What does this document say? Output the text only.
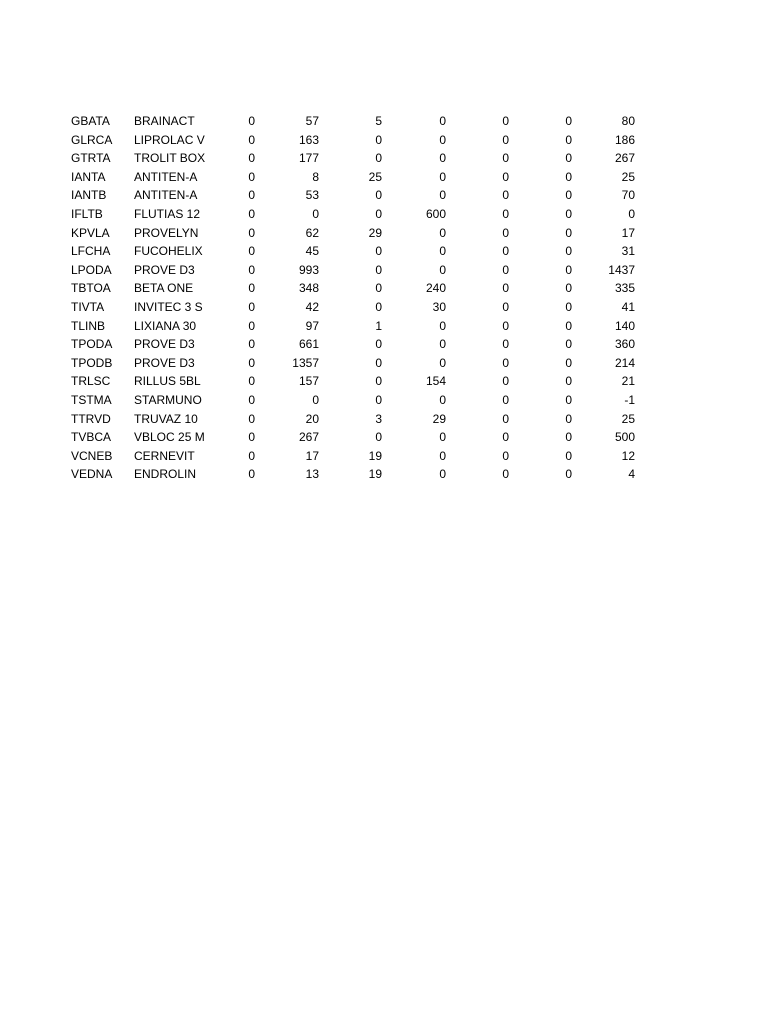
GBATA	BRAINACT	0	57	5	0	0	0	80
GLRCA	LIPROLAC V	0	163	0	0	0	0	186
GTRTA	TROLIT BOX	0	177	0	0	0	0	267
IANTA	ANTITEN-A	0	8	25	0	0	0	25
IANTB	ANTITEN-A	0	53	0	0	0	0	70
IFLTB	FLUTIAS 12	0	0	0	600	0	0	0
KPVLA	PROVELYN	0	62	29	0	0	0	17
LFCHA	FUCOHELIX	0	45	0	0	0	0	31
LPODA	PROVE D3	0	993	0	0	0	0	1437
TBTOA	BETA ONE	0	348	0	240	0	0	335
TIVTA	INVITEC 3 S	0	42	0	30	0	0	41
TLINB	LIXIANA 30	0	97	1	0	0	0	140
TPODA	PROVE D3	0	661	0	0	0	0	360
TPODB	PROVE D3	0	1357	0	0	0	0	214
TRLSC	RILLUS 5BL	0	157	0	154	0	0	21
TSTMA	STARMUNO	0	0	0	0	0	0	-1
TTRVD	TRUVAZ 10	0	20	3	29	0	0	25
TVBCA	VBLOC 25 M	0	267	0	0	0	0	500
VCNEB	CERNEVIT	0	17	19	0	0	0	12
VEDNA	ENDROLIN	0	13	19	0	0	0	4
